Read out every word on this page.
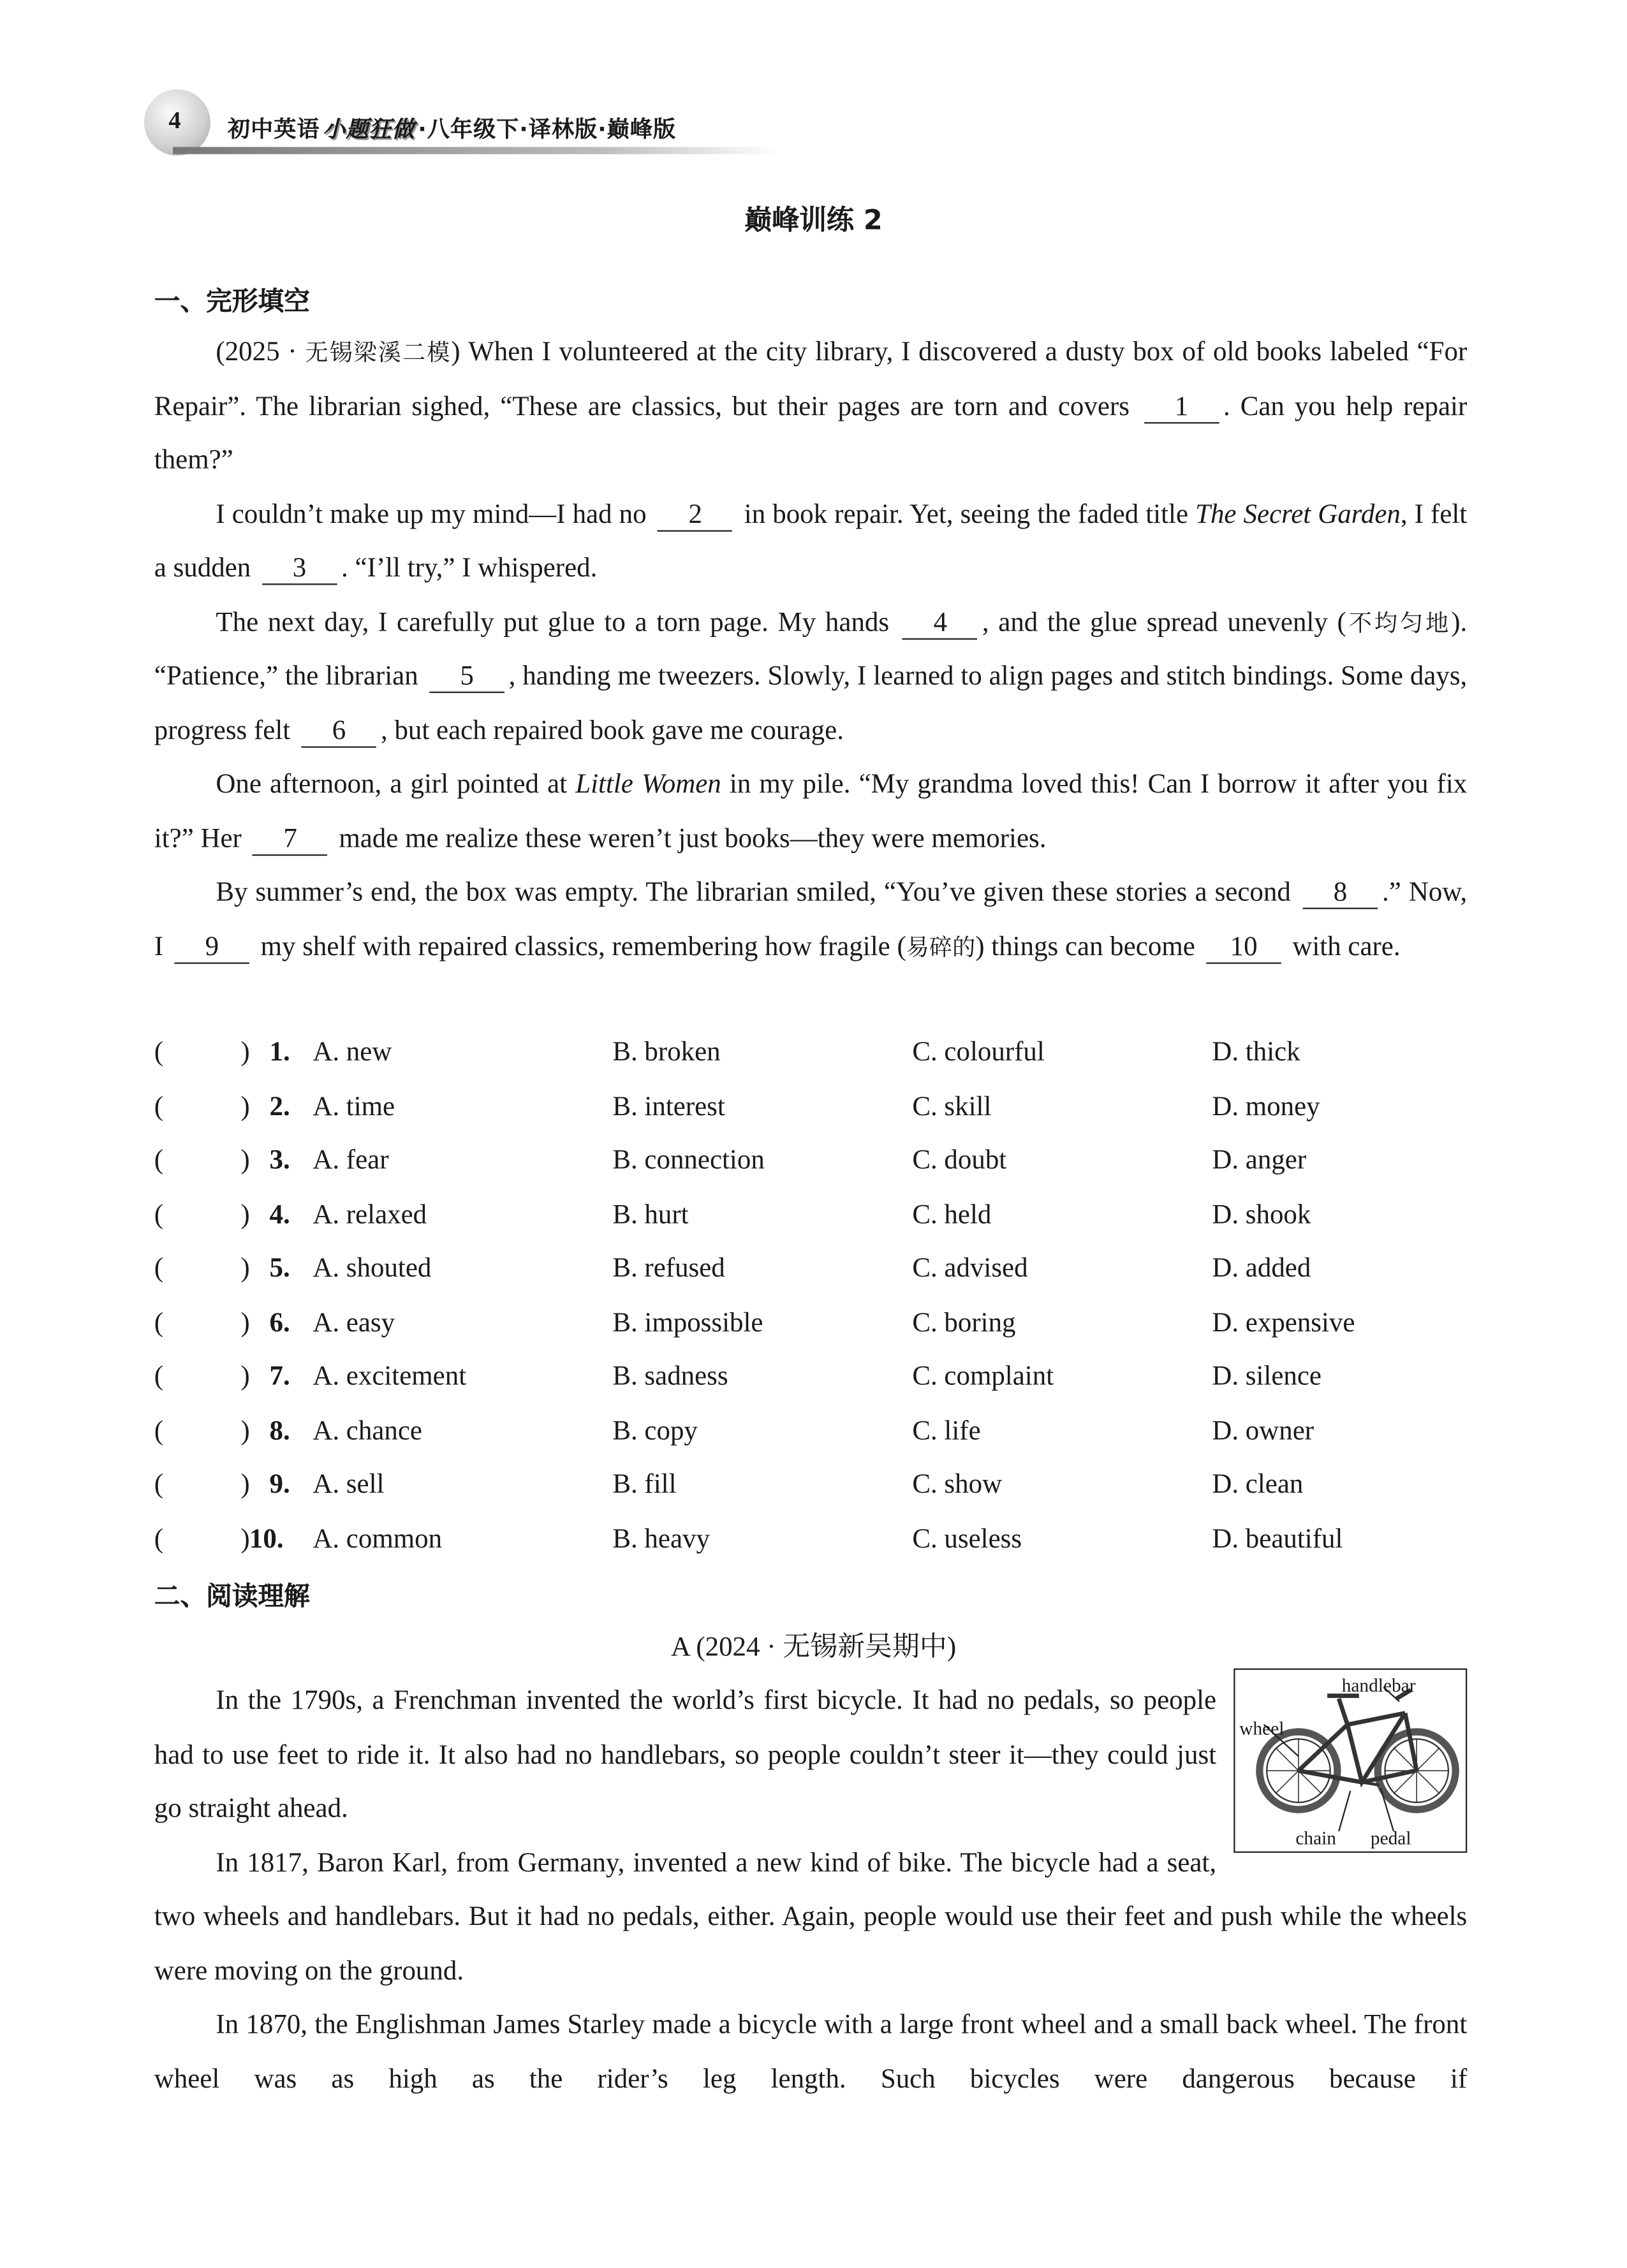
4	初中英语 小题狂做 ·八年级下·译林版·巅峰版
巅峰训练 2
一、完形填空

(2025 · 无锡梁溪二模) When I volunteered at the city library, I discovered a dusty box of old books labeled “For Repair”. The librarian sighed, “These are classics, but their pages are torn and covers	1	. Can you help repair them?”

I couldn’t make up my mind—I had no	2	in book repair. Yet, seeing the faded title The Secret Garden, I felt a sudden	3	. “I’ll try,” I whispered.

The next day, I carefully put glue to a torn page. My hands	4	, and the glue spread unevenly (不均匀地). “Patience,” the librarian	5	, handing me tweezers. Slowly, I learned to align pages and stitch bindings. Some days, progress felt	6	, but each repaired book gave me courage.

One afternoon, a girl pointed at Little Women in my pile. “My grandma loved this! Can I borrow it after you fix it?” Her	7	made me realize these weren’t just books—they were memories.

By summer’s end, the box was empty. The librarian smiled, “You’ve given these stories a second	8	.” Now, I	9	my shelf with repaired classics, remembering how fragile (易碎的) things can become 10 with care.

(	) 1. A. new	B. broken	C. colourful	D. thick
(	) 2. A. time	B. interest	C. skill	D. money
(	) 3. A. fear	B. connection	C. doubt	D. anger
(	) 4. A. relaxed	B. hurt	C. held	D. shook
(	) 5. A. shouted	B. refused	C. advised	D. added
(	) 6. A. easy	B. impossible	C. boring	D. expensive
(	) 7. A. excitement	B. sadness	C. complaint	D. silence
(	) 8. A. chance	B. copy	C. life	D. owner
(	) 9. A. sell	B. fill	C. show	D. clean
(	) 10. A. common	B. heavy	C. useless	D. beautiful
二、阅读理解
A (2024 · 无锡新吴期中)
handlebar
wheel
chain	pedal

In the 1790s, a Frenchman invented the world’s first bicycle. It had no pedals, so people had to use feet to ride it. It also had no handlebars, so people couldn’t steer it—they could just go straight ahead.

In 1817, Baron Karl, from Germany, invented a new kind of bike. The bicycle had a seat, two wheels and handlebars. But it had no pedals, either. Again, people would use their feet and push while the wheels were moving on the ground.

In 1870, the Englishman James Starley made a bicycle with a large front wheel and a small back wheel. The front wheel was as high as the rider’s leg length. Such bicycles were dangerous because if
